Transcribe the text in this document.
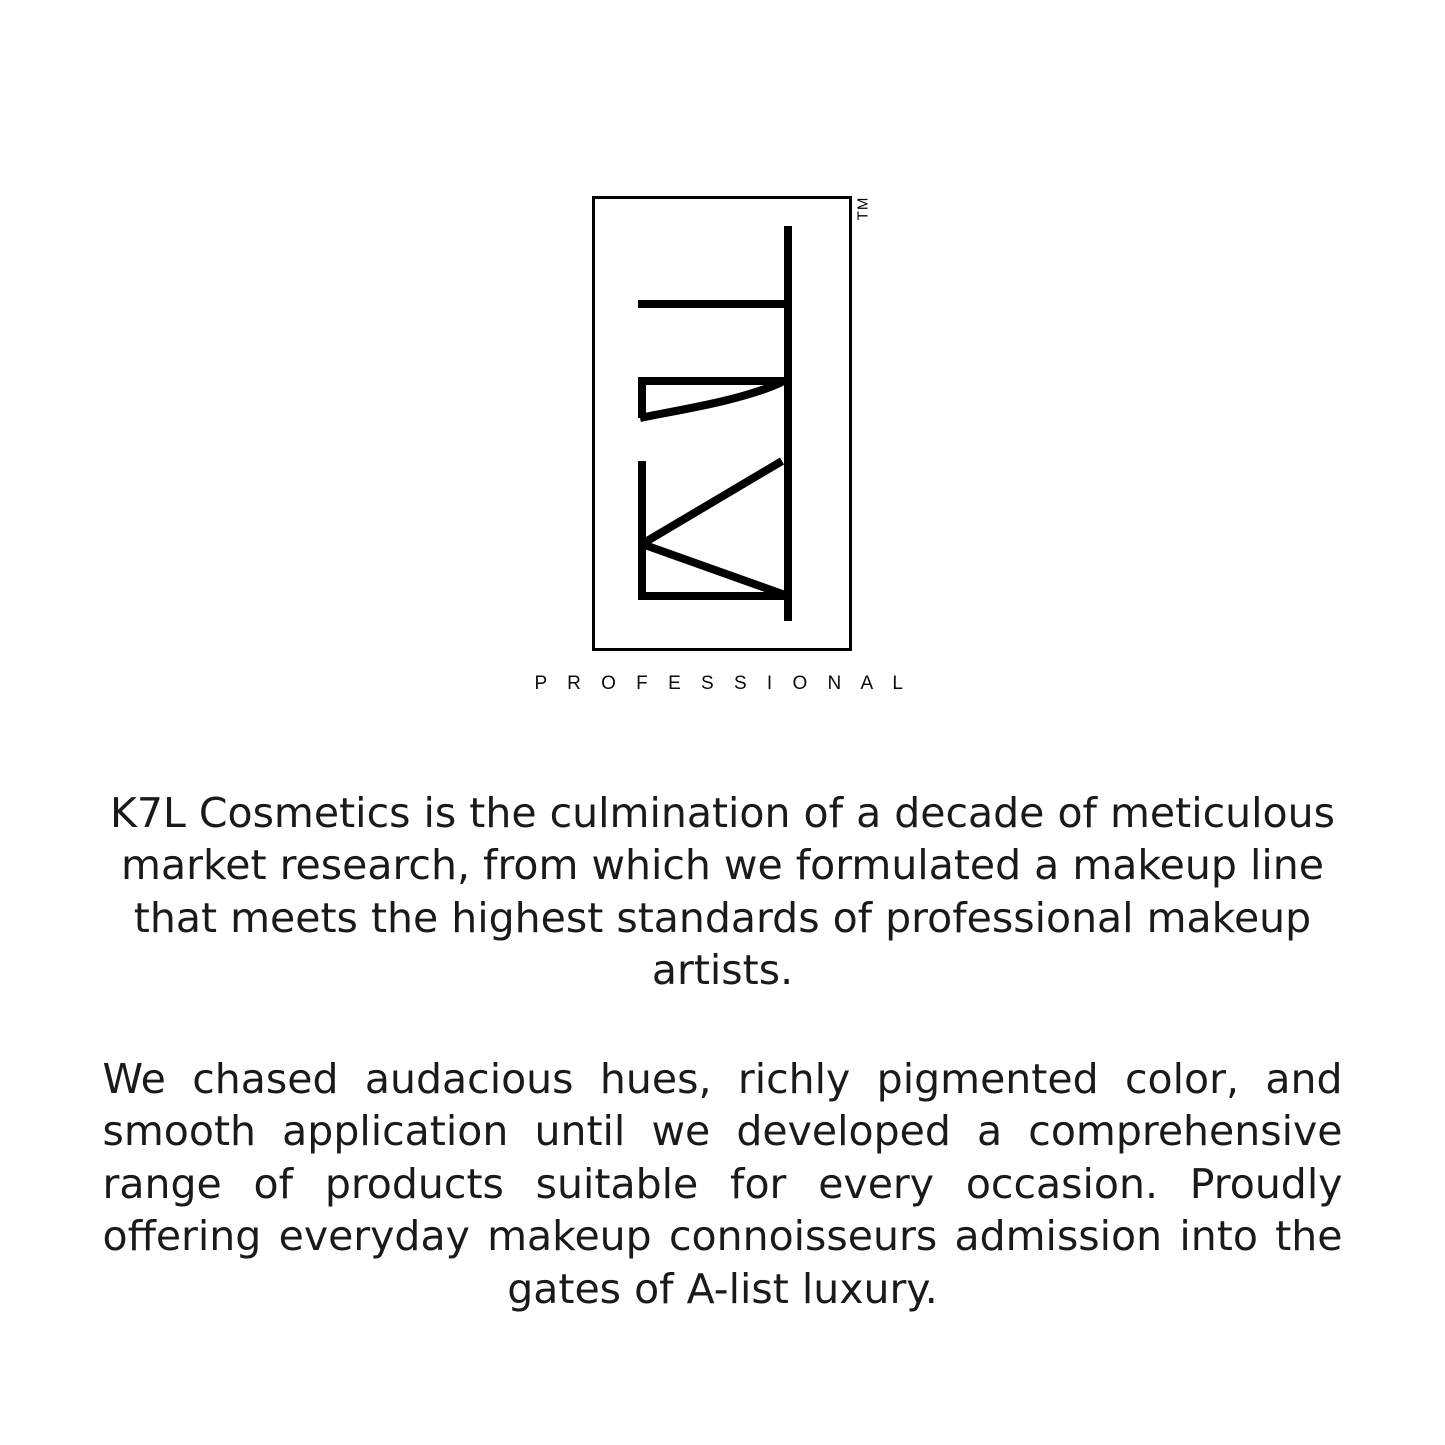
TM
P R O F E S S I O N A L

K7L Cosmetics is the culmination of a decade of meticulous market research, from which we formulated a makeup line that meets the highest standards of professional makeup artists.

We chased audacious hues, richly pigmented color, and smooth application until we developed a comprehensive range of products suitable for every occasion. Proudly offering everyday makeup connoisseurs admission into the gates of A-list luxury.
